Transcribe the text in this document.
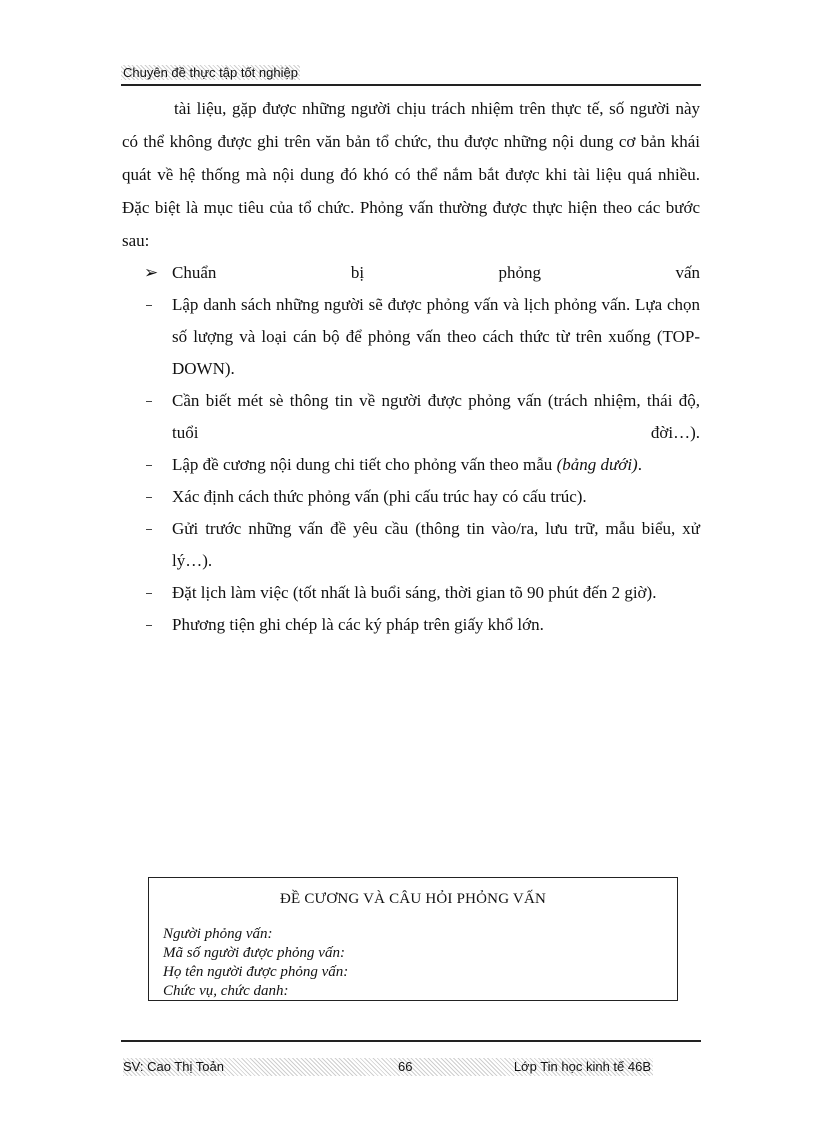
Chuyên đề thực tập tốt nghiệp

tài liệu, gặp được những người chịu trách nhiệm trên thực tế, số người này có thể không được ghi trên văn bản tổ chức, thu được những nội dung cơ bản khái quát về hệ thống mà nội dung đó khó có thể nắm bắt được khi tài liệu quá nhiều. Đặc biệt là mục tiêu của tổ chức. Phỏng vấn thường được thực hiện theo các bước sau:

➢ Chuẩn bị phỏng vấn
Lập danh sách những người sẽ được phỏng vấn và lịch phỏng vấn. Lựa chọn số lượng và loại cán bộ để phỏng vấn theo cách thức từ trên xuống (TOP-DOWN).
Cần biết mét sè thông tin về người được phỏng vấn (trách nhiệm, thái độ, tuổi đời…).
Lập đề cương nội dung chi tiết cho phỏng vấn theo mẫu (bảng dưới).
Xác định cách thức phỏng vấn (phi cấu trúc hay có cấu trúc).
Gửi trước những vấn đề yêu cầu (thông tin vào/ra, lưu trữ, mẫu biểu, xử lý…).
Đặt lịch làm việc (tốt nhất là buổi sáng, thời gian tõ 90 phút đến 2 giờ).
Phương tiện ghi chép là các ký pháp trên giấy khổ lớn.
ĐỀ CƯƠNG VÀ CÂU HỎI PHỎNG VẤN
Người phỏng vấn:
Mã số người được phỏng vấn:
Họ tên người được phỏng vấn:
Chức vụ, chức danh:
SV: Cao Thị Toản	66	Lớp Tin học kinh tế 46B
